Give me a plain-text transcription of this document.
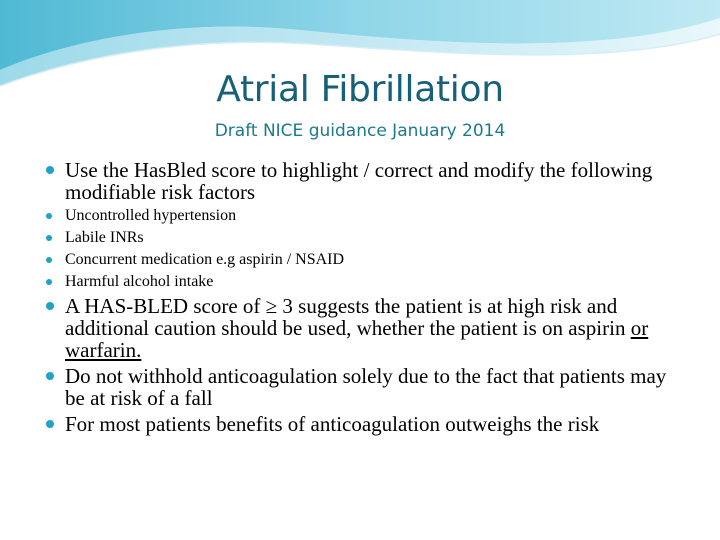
Atrial Fibrillation
Draft NICE guidance January 2014
Use the HasBled score to highlight / correct and modify the following modifiable risk factors
Uncontrolled hypertension
Labile INRs
Concurrent medication e.g aspirin / NSAID
Harmful alcohol intake
A HAS-BLED score of ≥ 3 suggests the patient is at high risk and additional caution should be used, whether the patient is on aspirin or warfarin.
Do not withhold anticoagulation solely due to the fact that patients may be at risk of a fall
For most patients benefits of anticoagulation outweighs the risk
